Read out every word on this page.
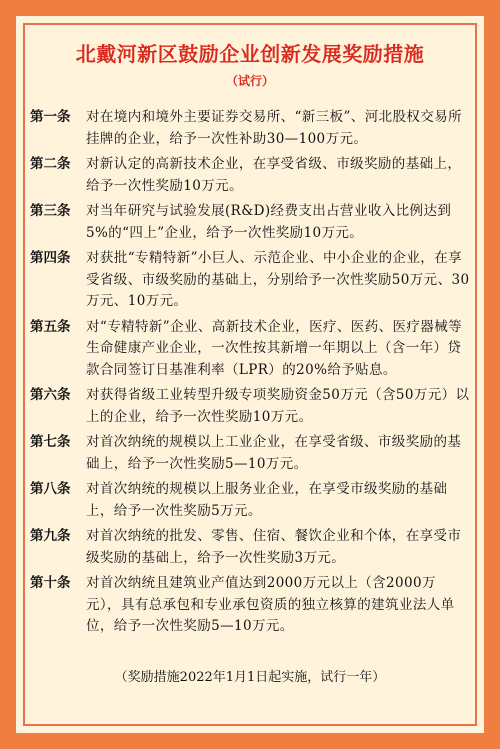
北戴河新区鼓励企业创新发展奖励措施
（试行）
第一条	对在境内和境外主要证券交易所、“新三板”、河北股权交易所挂牌的企业，给予一次性补助30—100万元。
第二条	对新认定的高新技术企业，在享受省级、市级奖励的基础上，给予一次性奖励10万元。
第三条	对当年研究与试验发展(R&D)经费支出占营业收入比例达到5%的“四上”企业，给予一次性奖励10万元。
第四条	对获批“专精特新”小巨人、示范企业、中小企业的企业，在享受省级、市级奖励的基础上，分别给予一次性奖励50万元、30万元、10万元。
第五条	对“专精特新”企业、高新技术企业，医疗、医药、医疗器械等生命健康产业企业，一次性按其新增一年期以上（含一年）贷款合同签订日基准利率（LPR）的20%给予贴息。
第六条	对获得省级工业转型升级专项奖励资金50万元（含50万元）以上的企业，给予一次性奖励10万元。
第七条	对首次纳统的规模以上工业企业，在享受省级、市级奖励的基础上，给予一次性奖励5—10万元。
第八条	对首次纳统的规模以上服务业企业，在享受市级奖励的基础上，给予一次性奖励5万元。
第九条	对首次纳统的批发、零售、住宿、餐饮企业和个体，在享受市级奖励的基础上，给予一次性奖励3万元。
第十条	对首次纳统且建筑业产值达到2000万元以上（含2000万元），具有总承包和专业承包资质的独立核算的建筑业法人单位，给予一次性奖励5—10万元。
（奖励措施2022年1月1日起实施，试行一年）
